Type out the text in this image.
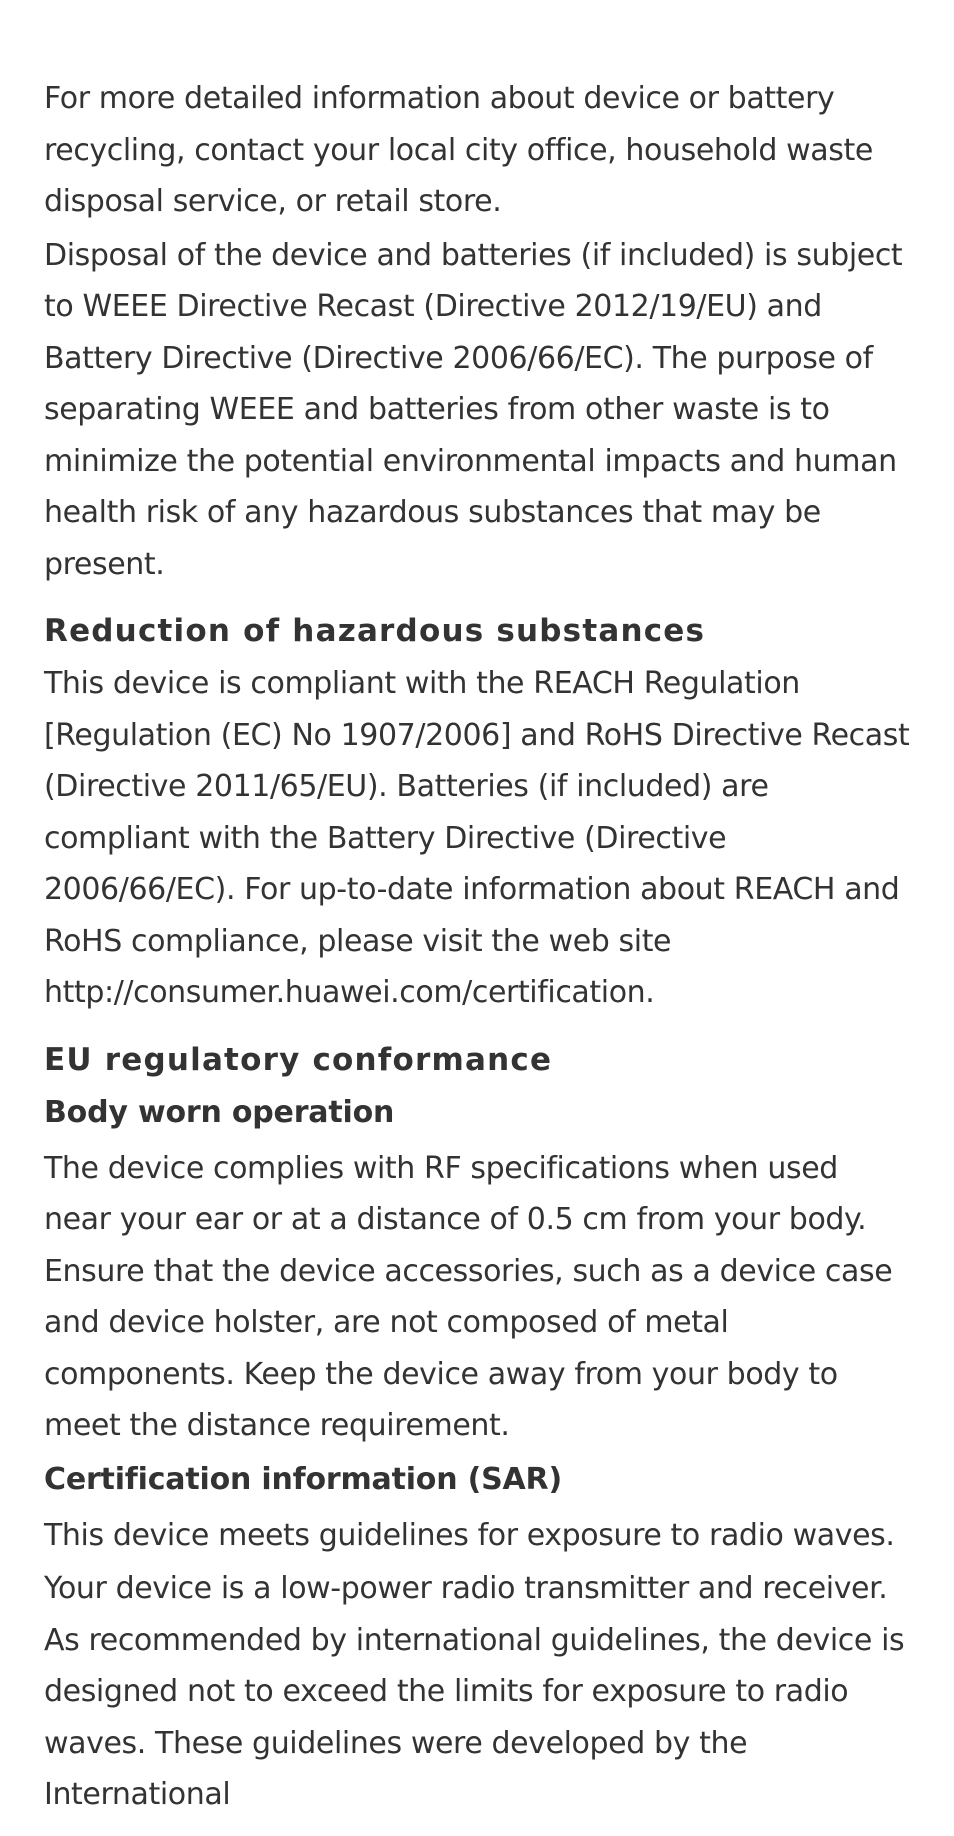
For more detailed information about device or battery recycling, contact your local city office, household waste disposal service, or retail store.

Disposal of the device and batteries (if included) is subject to WEEE Directive Recast (Directive 2012/19/EU) and Battery Directive (Directive 2006/66/EC). The purpose of separating WEEE and batteries from other waste is to minimize the potential environmental impacts and human health risk of any hazardous substances that may be present.

Reduction of hazardous substances

This device is compliant with the REACH Regulation [Regulation (EC) No 1907/2006] and RoHS Directive Recast (Directive 2011/65/EU). Batteries (if included) are compliant with the Battery Directive (Directive 2006/66/EC). For up-to-date information about REACH and RoHS compliance, please visit the web site http://consumer.huawei.com/certification.

EU regulatory conformance
Body worn operation

The device complies with RF specifications when used near your ear or at a distance of 0.5 cm from your body. Ensure that the device accessories, such as a device case and device holster, are not composed of metal components. Keep the device away from your body to meet the distance requirement.

Certification information (SAR)

This device meets guidelines for exposure to radio waves.

Your device is a low-power radio transmitter and receiver. As recommended by international guidelines, the device is designed not to exceed the limits for exposure to radio waves. These guidelines were developed by the International
